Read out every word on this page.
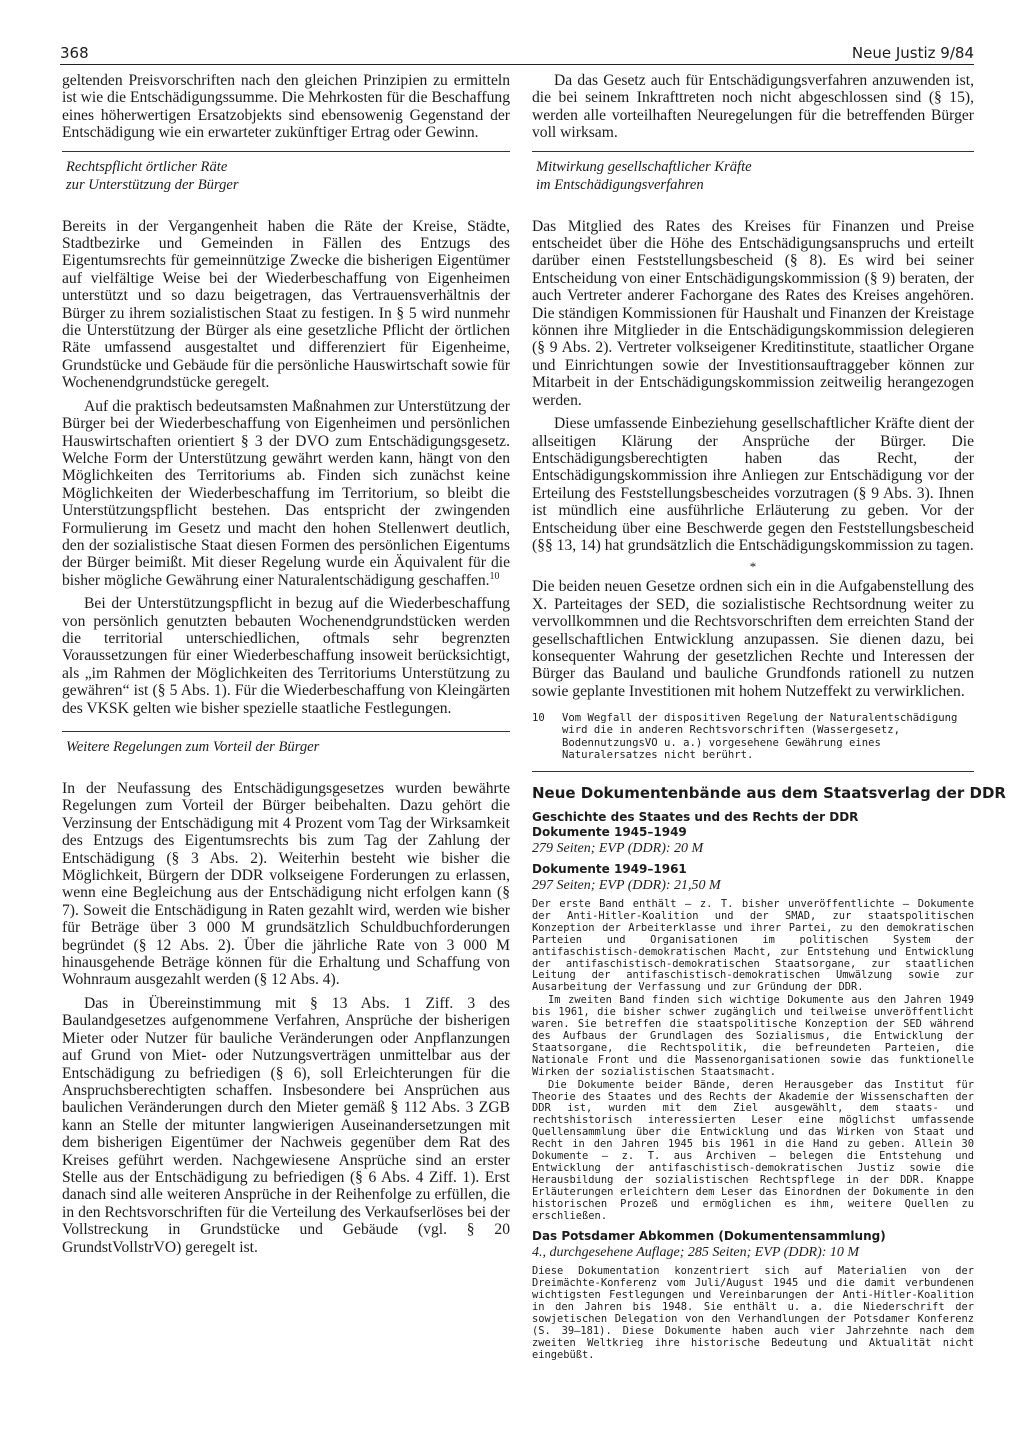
368	Neue Justiz 9/84

geltenden Preisvorschriften nach den gleichen Prinzipien zu ermitteln ist wie die Entschädigungssumme. Die Mehrkosten für die Beschaffung eines höherwertigen Ersatzobjekts sind ebensowenig Gegenstand der Entschädigung wie ein erwarteter zukünftiger Ertrag oder Gewinn.

Rechtspflicht örtlicher Räte
zur Unterstützung der Bürger

Bereits in der Vergangenheit haben die Räte der Kreise, Städte, Stadtbezirke und Gemeinden in Fällen des Entzugs des Eigentumsrechts für gemeinnützige Zwecke die bisherigen Eigentümer auf vielfältige Weise bei der Wiederbeschaffung von Eigenheimen unterstützt und so dazu beigetragen, das Vertrauensverhältnis der Bürger zu ihrem sozialistischen Staat zu festigen. In § 5 wird nunmehr die Unterstützung der Bürger als eine gesetzliche Pflicht der örtlichen Räte umfassend ausgestaltet und differenziert für Eigenheime, Grundstücke und Gebäude für die persönliche Hauswirtschaft sowie für Wochenendgrundstücke geregelt.

Auf die praktisch bedeutsamsten Maßnahmen zur Unterstützung der Bürger bei der Wiederbeschaffung von Eigenheimen und persönlichen Hauswirtschaften orientiert § 3 der DVO zum Entschädigungsgesetz. Welche Form der Unterstützung gewährt werden kann, hängt von den Möglichkeiten des Territoriums ab. Finden sich zunächst keine Möglichkeiten der Wiederbeschaffung im Territorium, so bleibt die Unterstützungspflicht bestehen. Das entspricht der zwingenden Formulierung im Gesetz und macht den hohen Stellenwert deutlich, den der sozialistische Staat diesen Formen des persönlichen Eigentums der Bürger beimißt. Mit dieser Regelung wurde ein Äquivalent für die bisher mögliche Gewährung einer Naturalentschädigung geschaffen.$^{10}$

Bei der Unterstützungspflicht in bezug auf die Wiederbeschaffung von persönlich genutzten bebauten Wochenendgrundstücken werden die territorial unterschiedlichen, oftmals sehr begrenzten Voraussetzungen für einer Wiederbeschaffung insoweit berücksichtigt, als „im Rahmen der Möglichkeiten des Territoriums Unterstützung zu gewähren“ ist (§ 5 Abs. 1). Für die Wiederbeschaffung von Kleingärten des VKSK gelten wie bisher spezielle staatliche Festlegungen.

Weitere Regelungen zum Vorteil der Bürger

In der Neufassung des Entschädigungsgesetzes wurden bewährte Regelungen zum Vorteil der Bürger beibehalten. Dazu gehört die Verzinsung der Entschädigung mit 4 Prozent vom Tag der Wirksamkeit des Entzugs des Eigentumsrechts bis zum Tag der Zahlung der Entschädigung (§ 3 Abs. 2). Weiterhin besteht wie bisher die Möglichkeit, Bürgern der DDR volkseigene Forderungen zu erlassen, wenn eine Begleichung aus der Entschädigung nicht erfolgen kann (§ 7). Soweit die Entschädigung in Raten gezahlt wird, werden wie bisher für Beträge über 3 000 M grundsätzlich Schuldbuchforderungen begründet (§ 12 Abs. 2). Über die jährliche Rate von 3 000 M hinausgehende Beträge können für die Erhaltung und Schaffung von Wohnraum ausgezahlt werden (§ 12 Abs. 4).

Das in Übereinstimmung mit § 13 Abs. 1 Ziff. 3 des Baulandgesetzes aufgenommene Verfahren, Ansprüche der bisherigen Mieter oder Nutzer für bauliche Veränderungen oder Anpflanzungen auf Grund von Miet- oder Nutzungsverträgen unmittelbar aus der Entschädigung zu befriedigen (§ 6), soll Erleichterungen für die Anspruchsberechtigten schaffen. Insbesondere bei Ansprüchen aus baulichen Veränderungen durch den Mieter gemäß § 112 Abs. 3 ZGB kann an Stelle der mitunter langwierigen Auseinandersetzungen mit dem bisherigen Eigentümer der Nachweis gegenüber dem Rat des Kreises geführt werden. Nachgewiesene Ansprüche sind an erster Stelle aus der Entschädigung zu befriedigen (§ 6 Abs. 4 Ziff. 1). Erst danach sind alle weiteren Ansprüche in der Reihenfolge zu erfüllen, die in den Rechtsvorschriften für die Verteilung des Verkaufserlöses bei der Vollstreckung in Grundstücke und Gebäude (vgl. § 20 GrundstVollstrVO) geregelt ist.

Da das Gesetz auch für Entschädigungsverfahren anzuwenden ist, die bei seinem Inkrafttreten noch nicht abgeschlossen sind (§ 15), werden alle vorteilhaften Neuregelungen für die betreffenden Bürger voll wirksam.

Mitwirkung gesellschaftlicher Kräfte
im Entschädigungsverfahren

Das Mitglied des Rates des Kreises für Finanzen und Preise entscheidet über die Höhe des Entschädigungsanspruchs und erteilt darüber einen Feststellungsbescheid (§ 8). Es wird bei seiner Entscheidung von einer Entschädigungskommission (§ 9) beraten, der auch Vertreter anderer Fachorgane des Rates des Kreises angehören. Die ständigen Kommissionen für Haushalt und Finanzen der Kreistage können ihre Mitglieder in die Entschädigungskommission delegieren (§ 9 Abs. 2). Vertreter volkseigener Kreditinstitute, staatlicher Organe und Einrichtungen sowie der Investitionsauftraggeber können zur Mitarbeit in der Entschädigungskommission zeitweilig herangezogen werden.

Diese umfassende Einbeziehung gesellschaftlicher Kräfte dient der allseitigen Klärung der Ansprüche der Bürger. Die Entschädigungsberechtigten haben das Recht, der Entschädigungskommission ihre Anliegen zur Entschädigung vor der Erteilung des Feststellungsbescheides vorzutragen (§ 9 Abs. 3). Ihnen ist mündlich eine ausführliche Erläuterung zu geben. Vor der Entscheidung über eine Beschwerde gegen den Feststellungsbescheid (§§ 13, 14) hat grundsätzlich die Entschädigungskommission zu tagen.

*

Die beiden neuen Gesetze ordnen sich ein in die Aufgabenstellung des X. Parteitages der SED, die sozialistische Rechtsordnung weiter zu vervollkommnen und die Rechtsvorschriften dem erreichten Stand der gesellschaftlichen Entwicklung anzupassen. Sie dienen dazu, bei konsequenter Wahrung der gesetzlichen Rechte und Interessen der Bürger das Bauland und bauliche Grundfonds rationell zu nutzen sowie geplante Investitionen mit hohem Nutzeffekt zu verwirklichen.

10	Vom Wegfall der dispositiven Regelung der Naturalentschädigung wird die in anderen Rechtsvorschriften (Wassergesetz, BodennutzungsVO u. a.) vorgesehene Gewährung eines Naturalersatzes nicht berührt.
Neue Dokumentenbände aus dem Staatsverlag der DDR
Geschichte des Staates und des Rechts der DDR
Dokumente 1945–1949
279 Seiten; EVP (DDR): 20 M
Dokumente 1949–1961
297 Seiten; EVP (DDR): 21,50 M

Der erste Band enthält – z. T. bisher unveröffentlichte – Dokumente der Anti-Hitler-Koalition und der SMAD, zur staatspolitischen Konzeption der Arbeiterklasse und ihrer Partei, zu den demokratischen Parteien und Organisationen im politischen System der antifaschistisch-demokratischen Macht, zur Entstehung und Entwicklung der antifaschistisch-demokratischen Staatsorgane, zur staatlichen Leitung der antifaschistisch-demokratischen Umwälzung sowie zur Ausarbeitung der Verfassung und zur Gründung der DDR.

Im zweiten Band finden sich wichtige Dokumente aus den Jahren 1949 bis 1961, die bisher schwer zugänglich und teilweise unveröffentlicht waren. Sie betreffen die staatspolitische Konzeption der SED während des Aufbaus der Grundlagen des Sozialismus, die Entwicklung der Staatsorgane, die Rechtspolitik, die befreundeten Parteien, die Nationale Front und die Massenorganisationen sowie das funktionelle Wirken der sozialistischen Staatsmacht.

Die Dokumente beider Bände, deren Herausgeber das Institut für Theorie des Staates und des Rechts der Akademie der Wissenschaften der DDR ist, wurden mit dem Ziel ausgewählt, dem staats- und rechtshistorisch interessierten Leser eine möglichst umfassende Quellensammlung über die Entwicklung und das Wirken von Staat und Recht in den Jahren 1945 bis 1961 in die Hand zu geben. Allein 30 Dokumente – z. T. aus Archiven – belegen die Entstehung und Entwicklung der antifaschistisch-demokratischen Justiz sowie die Herausbildung der sozialistischen Rechtspflege in der DDR. Knappe Erläuterungen erleichtern dem Leser das Einordnen der Dokumente in den historischen Prozeß und ermöglichen es ihm, weitere Quellen zu erschließen.

Das Potsdamer Abkommen (Dokumentensammlung)
4., durchgesehene Auflage; 285 Seiten; EVP (DDR): 10 M

Diese Dokumentation konzentriert sich auf Materialien von der Dreimächte-Konferenz vom Juli/August 1945 und die damit verbundenen wichtigsten Festlegungen und Vereinbarungen der Anti-Hitler-Koalition in den Jahren bis 1948. Sie enthält u. a. die Niederschrift der sowjetischen Delegation von den Verhandlungen der Potsdamer Konferenz (S. 39–181). Diese Dokumente haben auch vier Jahrzehnte nach dem zweiten Weltkrieg ihre historische Bedeutung und Aktualität nicht eingebüßt.
